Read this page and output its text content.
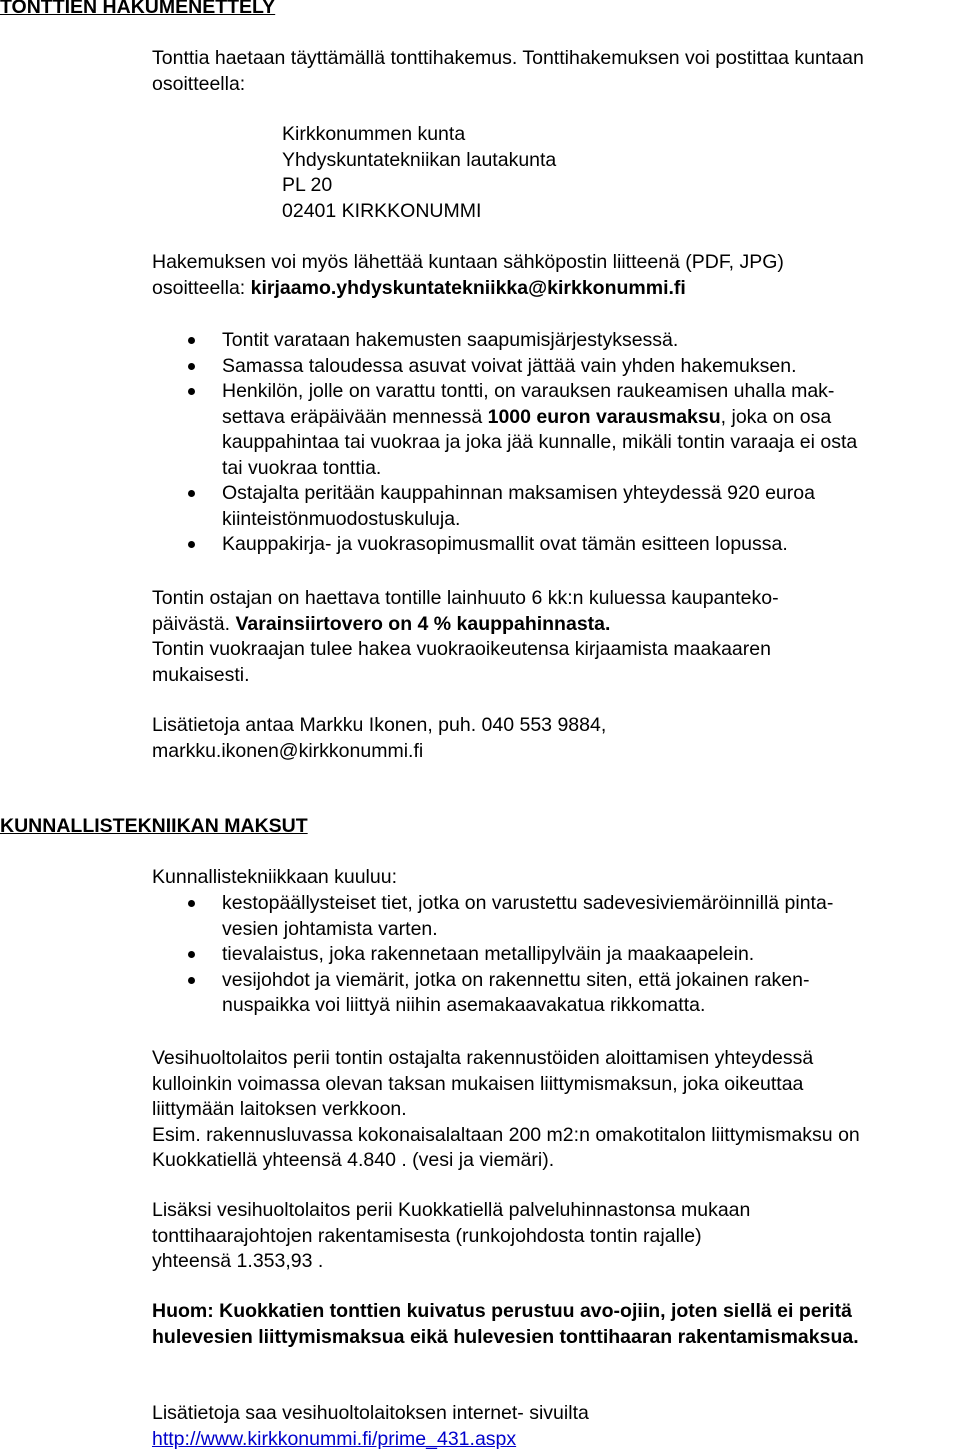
TONTTIEN HAKUMENETTELY
Tonttia haetaan täyttämällä tonttihakemus. Tonttihakemuksen voi postittaa kuntaan
osoitteella:
Kirkkonummen kunta
Yhdyskuntatekniikan lautakunta
PL 20
02401 KIRKKONUMMI
Hakemuksen voi myös lähettää kuntaan sähköpostin liitteenä (PDF, JPG)
osoitteella: kirjaamo.yhdyskuntatekniikka@kirkkonummi.fi
Tontit varataan hakemusten saapumisjärjestyksessä.
Samassa taloudessa asuvat voivat jättää vain yhden hakemuksen.
Henkilön, jolle on varattu tontti, on varauksen raukeamisen uhalla mak-
settava eräpäivään mennessä 1000 euron varausmaksu, joka on osa
kauppahintaa tai vuokraa ja joka jää kunnalle, mikäli tontin varaaja ei osta
tai vuokraa tonttia.
Ostajalta peritään kauppahinnan maksamisen yhteydessä 920 euroa
kiinteistönmuodostuskuluja.
Kauppakirja- ja vuokrasopimusmallit ovat tämän esitteen lopussa.
Tontin ostajan on haettava tontille lainhuuto 6 kk:n kuluessa kaupanteko-
päivästä. Varainsiirtovero on 4 % kauppahinnasta.
Tontin vuokraajan tulee hakea vuokraoikeutensa kirjaamista maakaaren
mukaisesti.
Lisätietoja antaa Markku Ikonen, puh. 040 553 9884,
markku.ikonen@kirkkonummi.fi
KUNNALLISTEKNIIKAN MAKSUT
Kunnallistekniikkaan kuuluu:
kestopäällysteiset tiet, jotka on varustettu sadevesiviemäröinnillä pinta-
vesien johtamista varten.
tievalaistus, joka rakennetaan metallipylväin ja maakaapelein.
vesijohdot ja viemärit, jotka on rakennettu siten, että jokainen raken-
nuspaikka voi liittyä niihin asemakaavakatua rikkomatta.
Vesihuoltolaitos perii tontin ostajalta rakennustöiden aloittamisen yhteydessä
kulloinkin voimassa olevan taksan mukaisen liittymismaksun, joka oikeuttaa
liittymään laitoksen verkkoon.
Esim. rakennusluvassa kokonaisalaltaan 200 m2:n omakotitalon liittymismaksu on
Kuokkatiellä yhteensä 4.840 . (vesi ja viemäri).
Lisäksi vesihuoltolaitos perii Kuokkatiellä palveluhinnastonsa mukaan
tonttihaarajohtojen rakentamisesta (runkojohdosta tontin rajalle)
yhteensä 1.353,93 .
Huom: Kuokkatien tonttien kuivatus perustuu avo-ojiin, joten siellä ei peritä
hulevesien liittymismaksua eikä hulevesien tonttihaaran rakentamismaksua.
Lisätietoja saa vesihuoltolaitoksen internet- sivuilta
http://www.kirkkonummi.fi/prime_431.aspx
